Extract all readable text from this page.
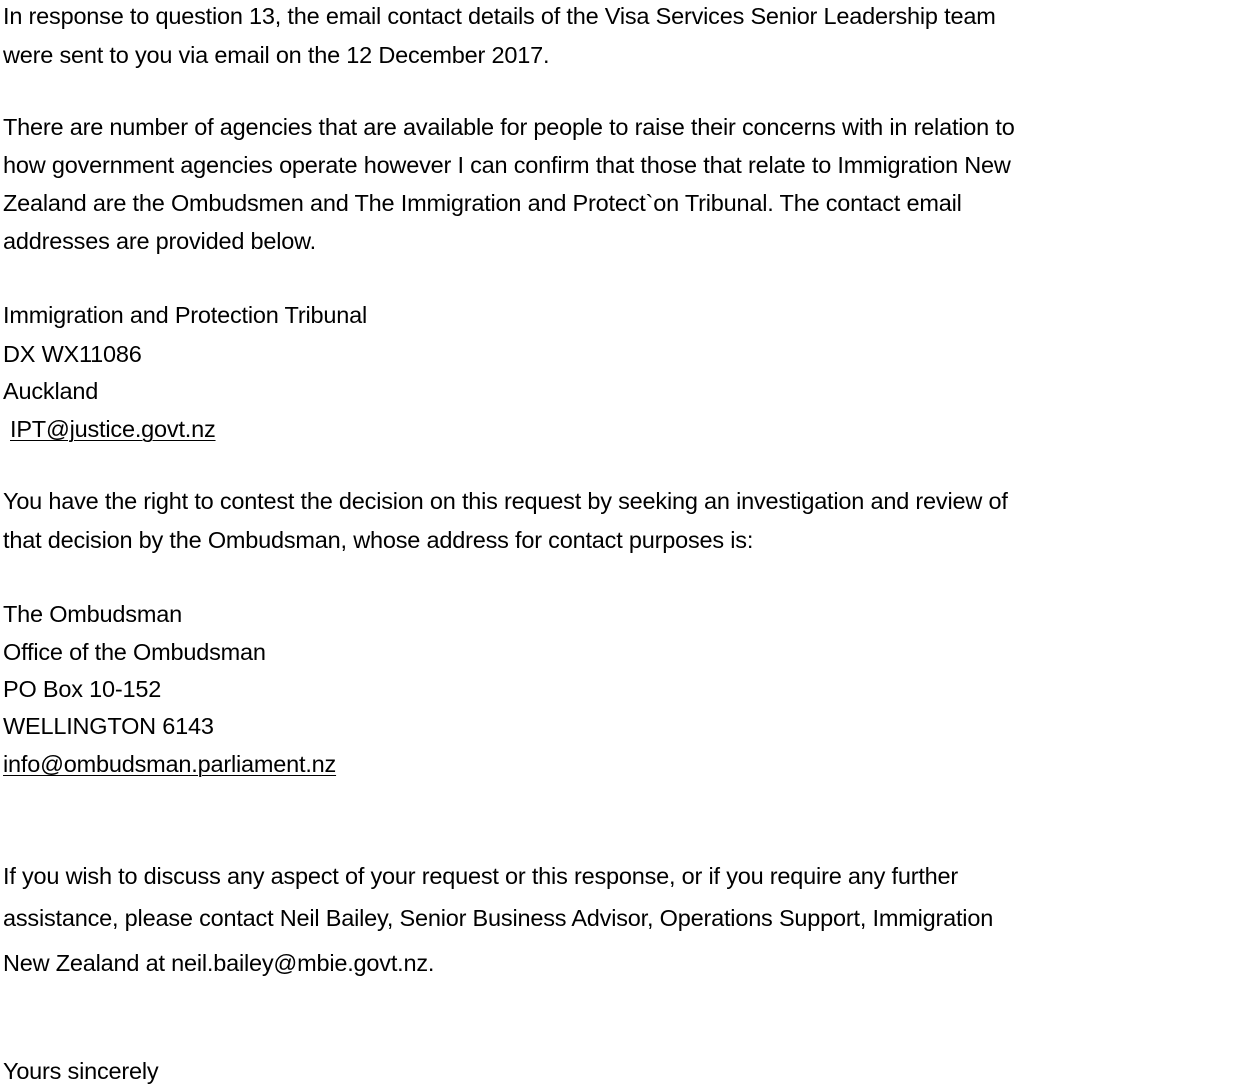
In response to question 13, the email contact details of the Visa Services Senior Leadership team
were sent to you via email on the 12 December 2017.
There are number of agencies that are available for people to raise their concerns with in relation to
how government agencies operate however I can confirm that those that relate to Immigration New
Zealand are the Ombudsmen and The Immigration and Protect`on Tribunal. The contact email
addresses are provided below.
Immigration and Protection Tribunal
DX WX11086
Auckland
IPT@justice.govt.nz
You have the right to contest the decision on this request by seeking an investigation and review of
that decision by the Ombudsman, whose address for contact purposes is:
The Ombudsman
Office of the Ombudsman
PO Box 10-152
WELLINGTON 6143
info@ombudsman.parliament.nz
If you wish to discuss any aspect of your request or this response, or if you require any further
assistance, please contact Neil Bailey, Senior Business Advisor, Operations Support, Immigration
New Zealand at neil.bailey@mbie.govt.nz.
Yours sincerely
